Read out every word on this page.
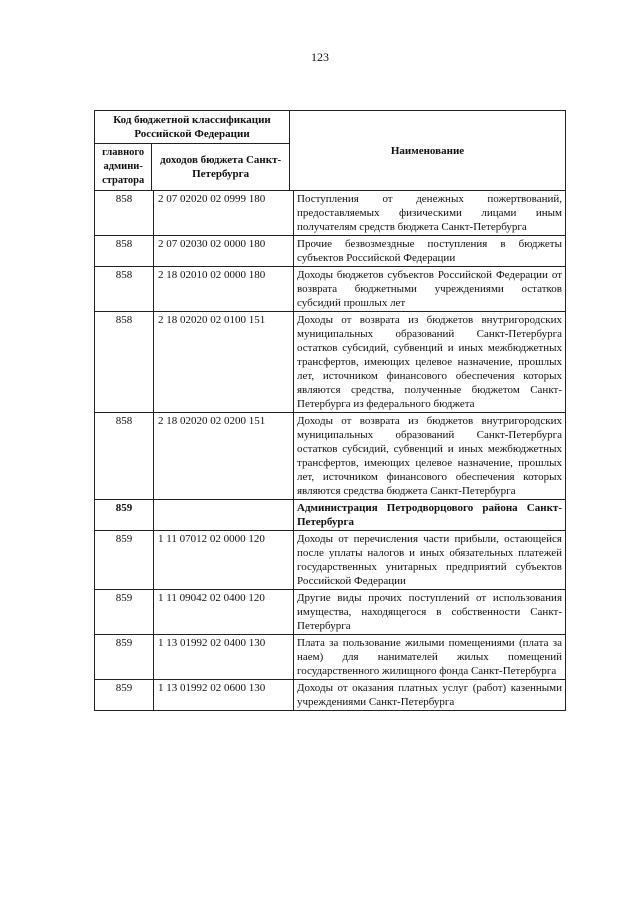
123
Код бюджетной классификации Российской Федерации		Наименование
главного админи-стратора	доходов бюджета Санкт-Петербурга	
858	2 07 02020 02 0999 180	Поступления от денежных пожертвований, предоставляемых физическими лицами иным получателям средств бюджета Санкт-Петербурга
858	2 07 02030 02 0000 180	Прочие безвозмездные поступления в бюджеты субъектов Российской Федерации
858	2 18 02010 02 0000 180	Доходы бюджетов субъектов Российской Федерации от возврата бюджетными учреждениями остатков субсидий прошлых лет
858	2 18 02020 02 0100 151	Доходы от возврата из бюджетов внутригородских муниципальных образований Санкт-Петербурга остатков субсидий, субвенций и иных межбюджетных трансфертов, имеющих целевое назначение, прошлых лет, источником финансового обеспечения которых являются средства, полученные бюджетом Санкт-Петербурга из федерального бюджета
858	2 18 02020 02 0200 151	Доходы от возврата из бюджетов внутригородских муниципальных образований Санкт-Петербурга остатков субсидий, субвенций и иных межбюджетных трансфертов, имеющих целевое назначение, прошлых лет, источником финансового обеспечения которых являются средства бюджета Санкт-Петербурга
859		Администрация Петродворцового района Санкт-Петербурга
859	1 11 07012 02 0000 120	Доходы от перечисления части прибыли, остающейся после уплаты налогов и иных обязательных платежей государственных унитарных предприятий субъектов Российской Федерации
859	1 11 09042 02 0400 120	Другие виды прочих поступлений от использования имущества, находящегося в собственности Санкт-Петербурга
859	1 13 01992 02 0400 130	Плата за пользование жилыми помещениями (плата за наем) для нанимателей жилых помещений государственного жилищного фонда Санкт-Петербурга
859	1 13 01992 02 0600 130	Доходы от оказания платных услуг (работ) казенными учреждениями Санкт-Петербурга
